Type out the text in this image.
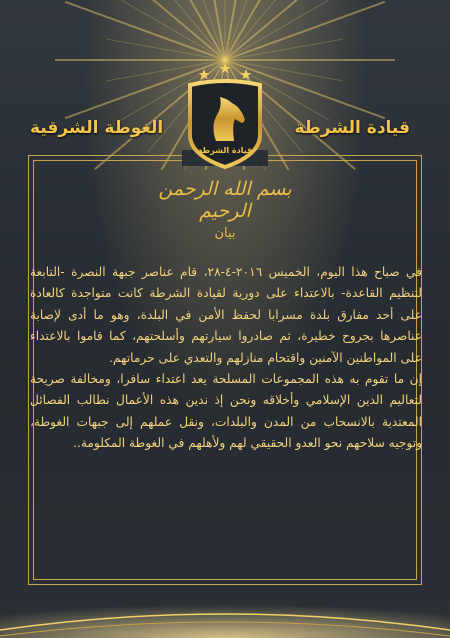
قيادة الشرطة
الغوطة الشرقية
قيادة الشرطة
بسم الله الرحمن الرحيم
بيان

في صباح هذا اليوم، الخميس ٢٠١٦-٤-٢٨، قام عناصر جبهة النصرة -التابعة لتنظيم القاعدة- بالاعتداء على دورية لقيادة الشرطة كانت متواجدة كالعادة على أحد مفارق بلدة مسرابا لحفظ الأمن في البلدة، وهو ما أدى لإصابة عناصرها بجروح خطيرة، ثم صادروا سيارتهم وأسلحتهم، كما قاموا بالاعتداء على المواطنين الآمنين واقتحام منازلهم والتعدي على حرماتهم.

إن ما تقوم به هذه المجموعات المسلحة يعد اعتداء سافرا، ومخالفة صريحة لتعاليم الدين الإسلامي وأخلاقه ونحن إذ ندين هذه الأعمال نطالب الفصائل المعتدية بالانسحاب من المدن والبلدات، ونقل عملهم إلى جبهات الغوطة، وتوجيه سلاحهم نحو العدو الحقيقي لهم ولأهلهم في الغوطة المكلومة..
